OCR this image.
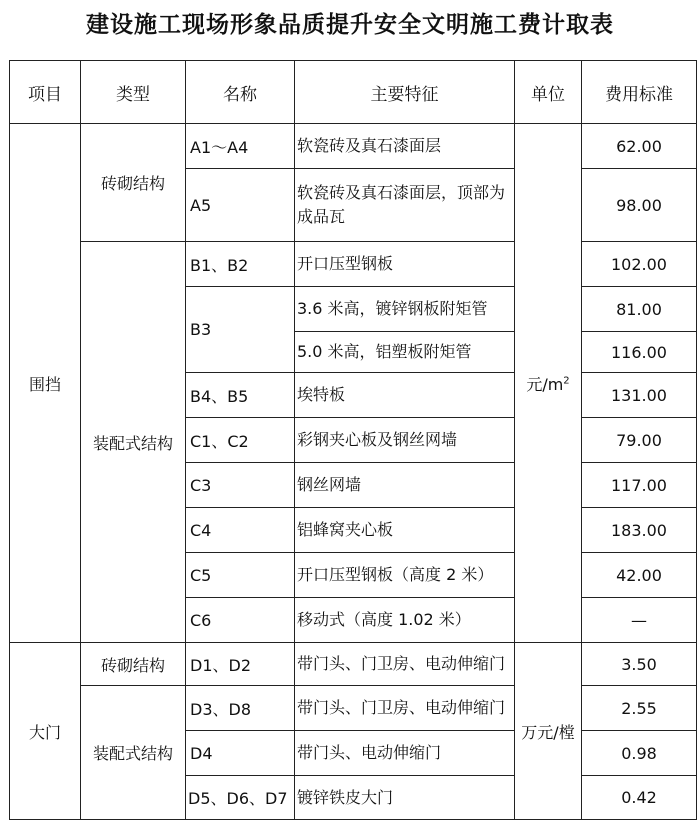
建设施工现场形象品质提升安全文明施工费计取表
项目	类型	名称	主要特征	单位	费用标准
围挡	砖砌结构	A1～A4	软瓷砖及真石漆面层	元$/m^2$	62.00
		A5	软瓷砖及真石漆面层，顶部为成品瓦		98.00
	装配式结构	B1、B2	开口压型钢板		102.00
		B3	3.6 米高，镀锌钢板附矩管		81.00
			5.0 米高，铝塑板附矩管		116.00
		B4、B5	埃特板		131.00
		C1、C2	彩钢夹心板及钢丝网墙		79.00
		C3	钢丝网墙		117.00
		C4	铝蜂窝夹心板		183.00
		C5	开口压型钢板（高度 2 米）		42.00
		C6	移动式（高度 1.02 米）		—
大门	砖砌结构	D1、D2	带门头、门卫房、电动伸缩门	万元/樘	3.50
	装配式结构	D3、D8	带门头、门卫房、电动伸缩门		2.55
		D4	带门头、电动伸缩门		0.98
		D5、D6、D7	镀锌铁皮大门		0.42
